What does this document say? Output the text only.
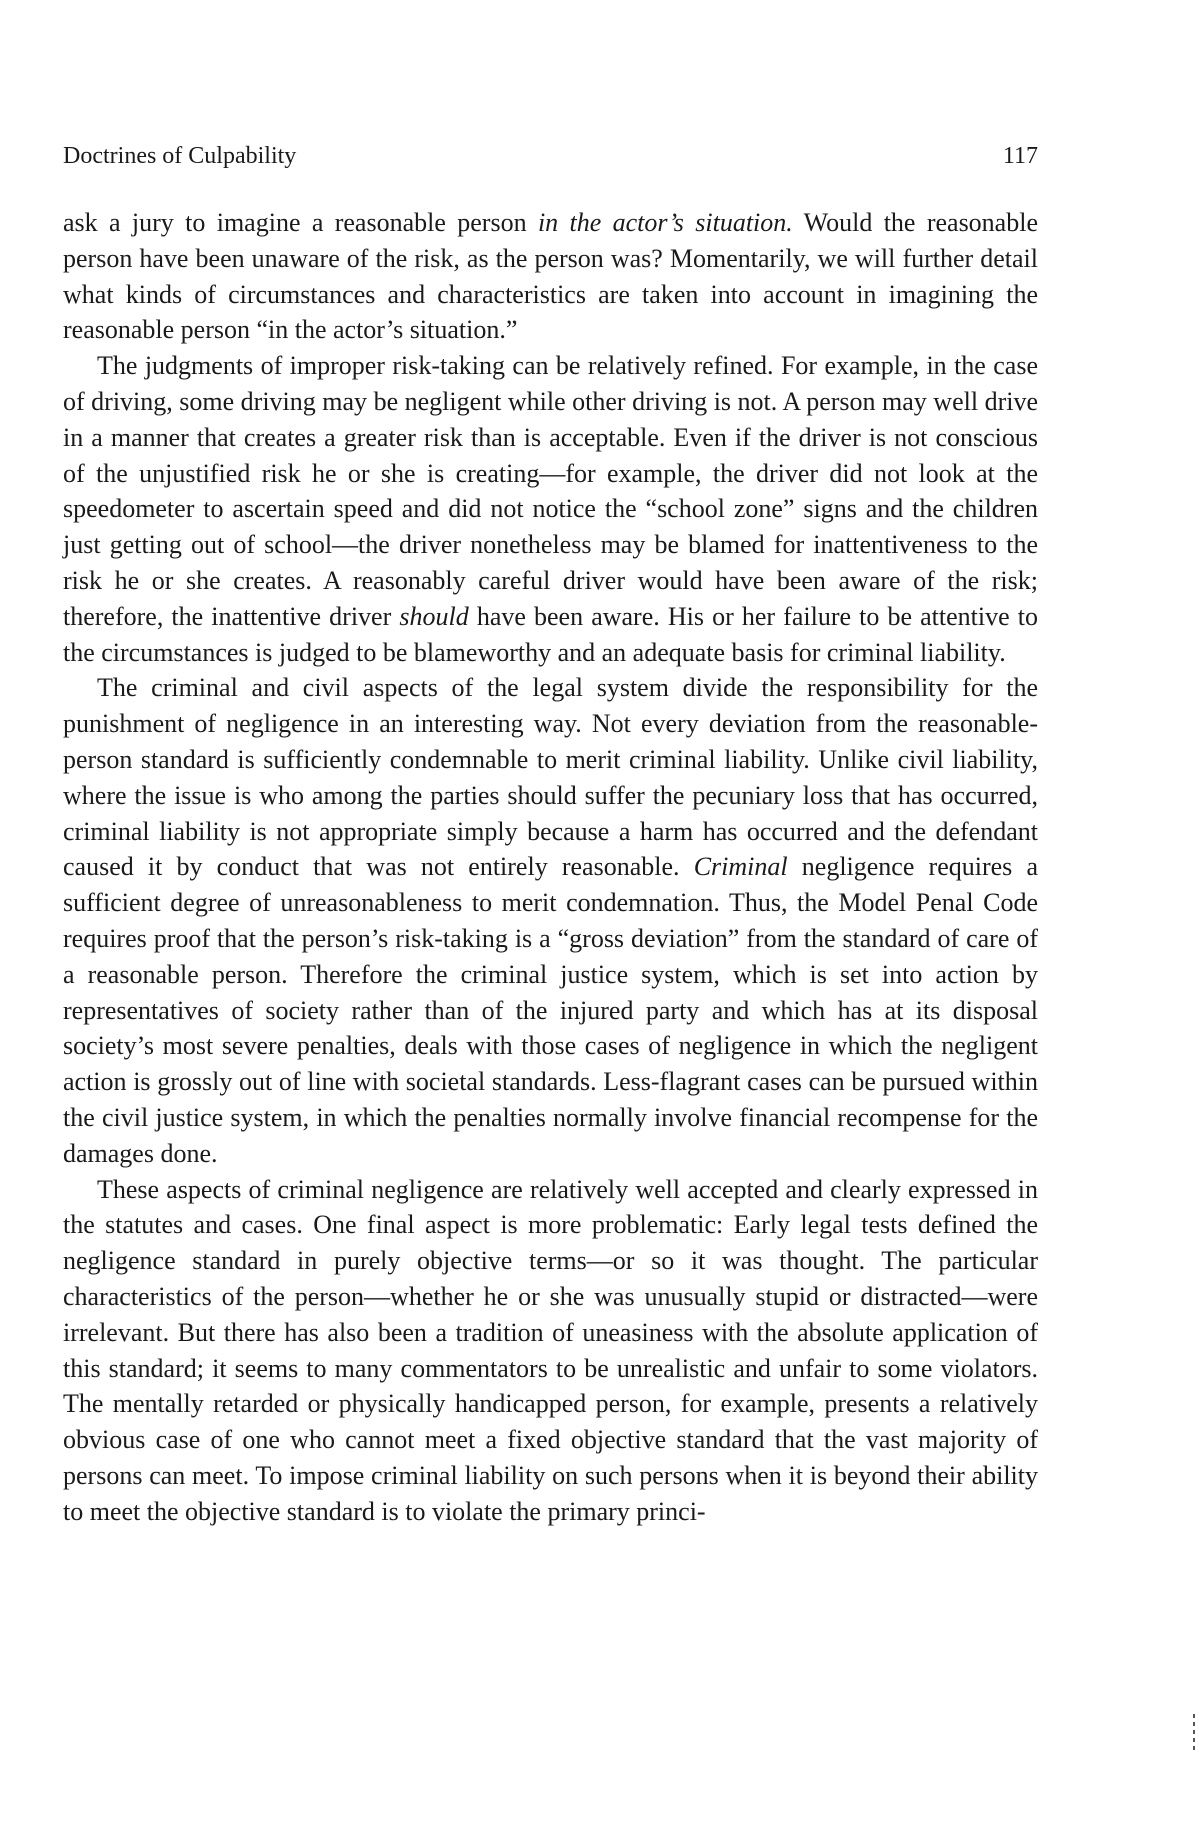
Doctrines of Culpability	117

ask a jury to imagine a reasonable person in the actor’s situation. Would the reasonable person have been unaware of the risk, as the person was? Momentarily, we will further detail what kinds of circumstances and characteristics are taken into account in imagining the reasonable person “in the actor’s situation.”

The judgments of improper risk-taking can be relatively refined. For example, in the case of driving, some driving may be negligent while other driving is not. A person may well drive in a manner that creates a greater risk than is acceptable. Even if the driver is not conscious of the unjustified risk he or she is creating—for example, the driver did not look at the speedometer to ascertain speed and did not notice the “school zone” signs and the children just getting out of school—the driver nonetheless may be blamed for inattentiveness to the risk he or she creates. A reasonably careful driver would have been aware of the risk; therefore, the inattentive driver should have been aware. His or her failure to be attentive to the circumstances is judged to be blameworthy and an adequate basis for criminal liability.

The criminal and civil aspects of the legal system divide the responsibility for the punishment of negligence in an interesting way. Not every deviation from the reasonable-person standard is sufficiently condemnable to merit criminal liability. Unlike civil liability, where the issue is who among the parties should suffer the pecuniary loss that has occurred, criminal liability is not appropriate simply because a harm has occurred and the defendant caused it by conduct that was not entirely reasonable. Criminal negligence requires a sufficient degree of unreasonableness to merit condemnation. Thus, the Model Penal Code requires proof that the person’s risk-taking is a “gross deviation” from the standard of care of a reasonable person. Therefore the criminal justice system, which is set into action by representatives of society rather than of the injured party and which has at its disposal society’s most severe penalties, deals with those cases of negligence in which the negligent action is grossly out of line with societal standards. Less-flagrant cases can be pursued within the civil justice system, in which the penalties normally involve financial recompense for the damages done.

These aspects of criminal negligence are relatively well accepted and clearly expressed in the statutes and cases. One final aspect is more problematic: Early legal tests defined the negligence standard in purely objective terms—or so it was thought. The particular characteristics of the person—whether he or she was unusually stupid or distracted—were irrelevant. But there has also been a tradition of uneasiness with the absolute application of this standard; it seems to many commentators to be unrealistic and unfair to some violators. The mentally retarded or physically handicapped person, for example, presents a relatively obvious case of one who cannot meet a fixed objective standard that the vast majority of persons can meet. To impose criminal liability on such persons when it is beyond their ability to meet the objective standard is to violate the primary princi-
